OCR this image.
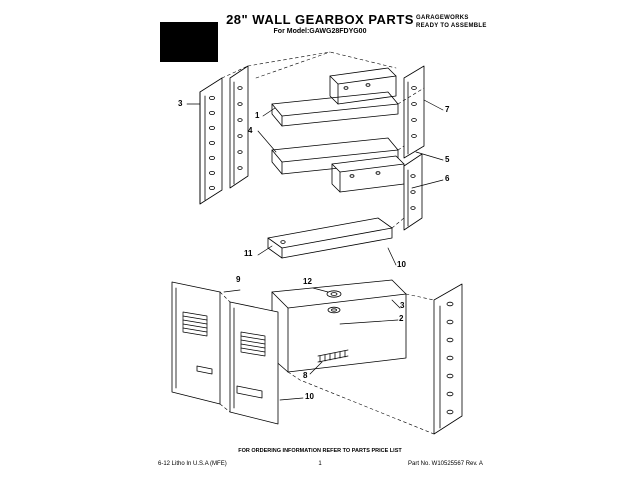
28" WALL GEARBOX PARTS
For Model:GAWG28FDYG00
GARAGEWORKS
READY TO ASSEMBLE
3
1
4
7
5
6
11
12
10
9
3
2
8
10
FOR ORDERING INFORMATION REFER TO PARTS PRICE LIST
6-12 Litho In U.S.A (MFE)	1	Part No. W10525567 Rev. A
